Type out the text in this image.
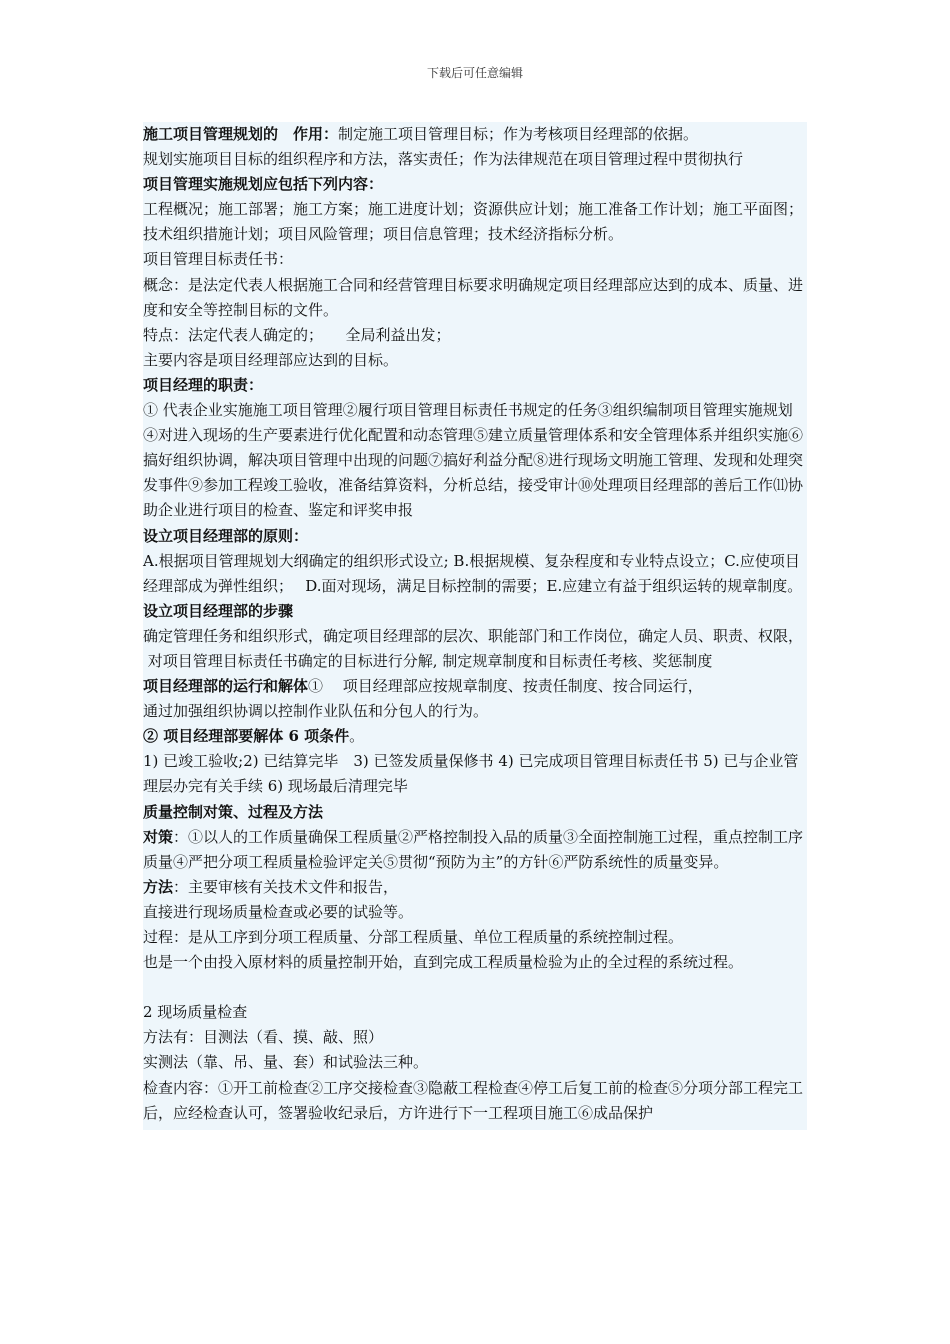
下载后可任意编辑

施工项目管理规划的　作用：制定施工项目管理目标；作为考核项目经理部的依据。

规划实施项目目标的组织程序和方法，落实责任；作为法律规范在项目管理过程中贯彻执行

项目管理实施规划应包括下列内容：

工程概况；施工部署；施工方案；施工进度计划；资源供应计划；施工准备工作计划；施工平面图；技术组织措施计划；项目风险管理；项目信息管理；技术经济指标分析。

项目管理目标责任书：

概念：是法定代表人根据施工合同和经营管理目标要求明确规定项目经理部应达到的成本、质量、进度和安全等控制目标的文件。

特点：法定代表人确定的；　　全局利益出发；

主要内容是项目经理部应达到的目标。

项目经理的职责：

① 代表企业实施施工项目管理②履行项目管理目标责任书规定的任务③组织编制项目管理实施规划④对进入现场的生产要素进行优化配置和动态管理⑤建立质量管理体系和安全管理体系并组织实施⑥搞好组织协调，解决项目管理中出现的问题⑦搞好利益分配⑧进行现场文明施工管理、发现和处理突发事件⑨参加工程竣工验收，准备结算资料，分析总结，接受审计⑩处理项目经理部的善后工作⑾协助企业进行项目的检查、鉴定和评奖申报

设立项目经理部的原则：

A.根据项目管理规划大纲确定的组织形式设立; B.根据规模、复杂程度和专业特点设立；C.应使项目经理部成为弹性组织；　 D.面对现场，满足目标控制的需要；E.应建立有益于组织运转的规章制度。

设立项目经理部的步骤

确定管理任务和组织形式，确定项目经理部的层次、职能部门和工作岗位，确定人员、职责、权限，

对项目管理目标责任书确定的目标进行分解, 制定规章制度和目标责任考核、奖惩制度

项目经理部的运行和解体①　 项目经理部应按规章制度、按责任制度、按合同运行，

通过加强组织协调以控制作业队伍和分包人的行为。

② 项目经理部要解体 6 项条件。

1) 已竣工验收;2) 已结算完毕　3) 已签发质量保修书 4) 已完成项目管理目标责任书 5) 已与企业管理层办完有关手续 6) 现场最后清理完毕

质量控制对策、过程及方法

对策：①以人的工作质量确保工程质量②严格控制投入品的质量③全面控制施工过程，重点控制工序质量④严把分项工程质量检验评定关⑤贯彻“预防为主”的方针⑥严防系统性的质量变异。

方法：主要审核有关技术文件和报告，

直接进行现场质量检查或必要的试验等。

过程：是从工序到分项工程质量、分部工程质量、单位工程质量的系统控制过程。

也是一个由投入原材料的质量控制开始，直到完成工程质量检验为止的全过程的系统过程。

2 现场质量检查

方法有：目测法（看、摸、敲、照）

实测法（靠、吊、量、套）和试验法三种。

检查内容：①开工前检查②工序交接检查③隐蔽工程检查④停工后复工前的检查⑤分项分部工程完工后，应经检查认可，签署验收纪录后，方许进行下一工程项目施工⑥成品保护
